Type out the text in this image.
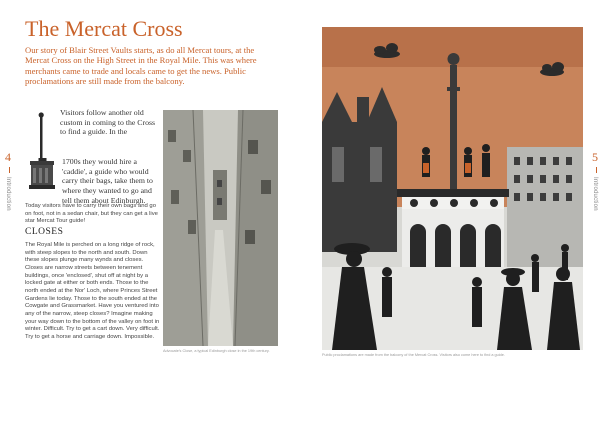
The Mercat Cross

Our story of Blair Street Vaults starts, as do all Mercat tours, at the Mercat Cross on the High Street in the Royal Mile. This was where merchants came to trade and locals came to get the news. Public proclamations are still made from the balcony.

4
Introduction

Visitors follow another old custom in coming to the Cross to find a guide. In the

1700s they would hire a 'caddie', a guide who would carry their bags, take them to where they wanted to go and tell them about Edinburgh.

Today visitors have to carry their own bags and go on foot, not in a sedan chair, but they can get a live star Mercat Tour guide!

CLOSES

The Royal Mile is perched on a long ridge of rock, with steep slopes to the north and south. Down these slopes plunge many wynds and closes. Closes are narrow streets between tenement buildings, once 'enclosed', shut off at night by a locked gate at either or both ends. Those to the north ended at the Nor' Loch, where Princes Street Gardens lie today. Those to the south ended at the Cowgate and Grassmarket. Have you ventured into any of the narrow, steep closes? Imagine making your way down to the bottom of the valley on foot in winter. Difficult. Try to get a cart down. Very difficult. Try to get a horse and carriage down. Impossible.

Advocate's Close, a typical Edinburgh close in the 19th century.
5
Introduction
Public proclamations are made from the balcony of the Mercat Cross. Visitors also come here to find a guide.
